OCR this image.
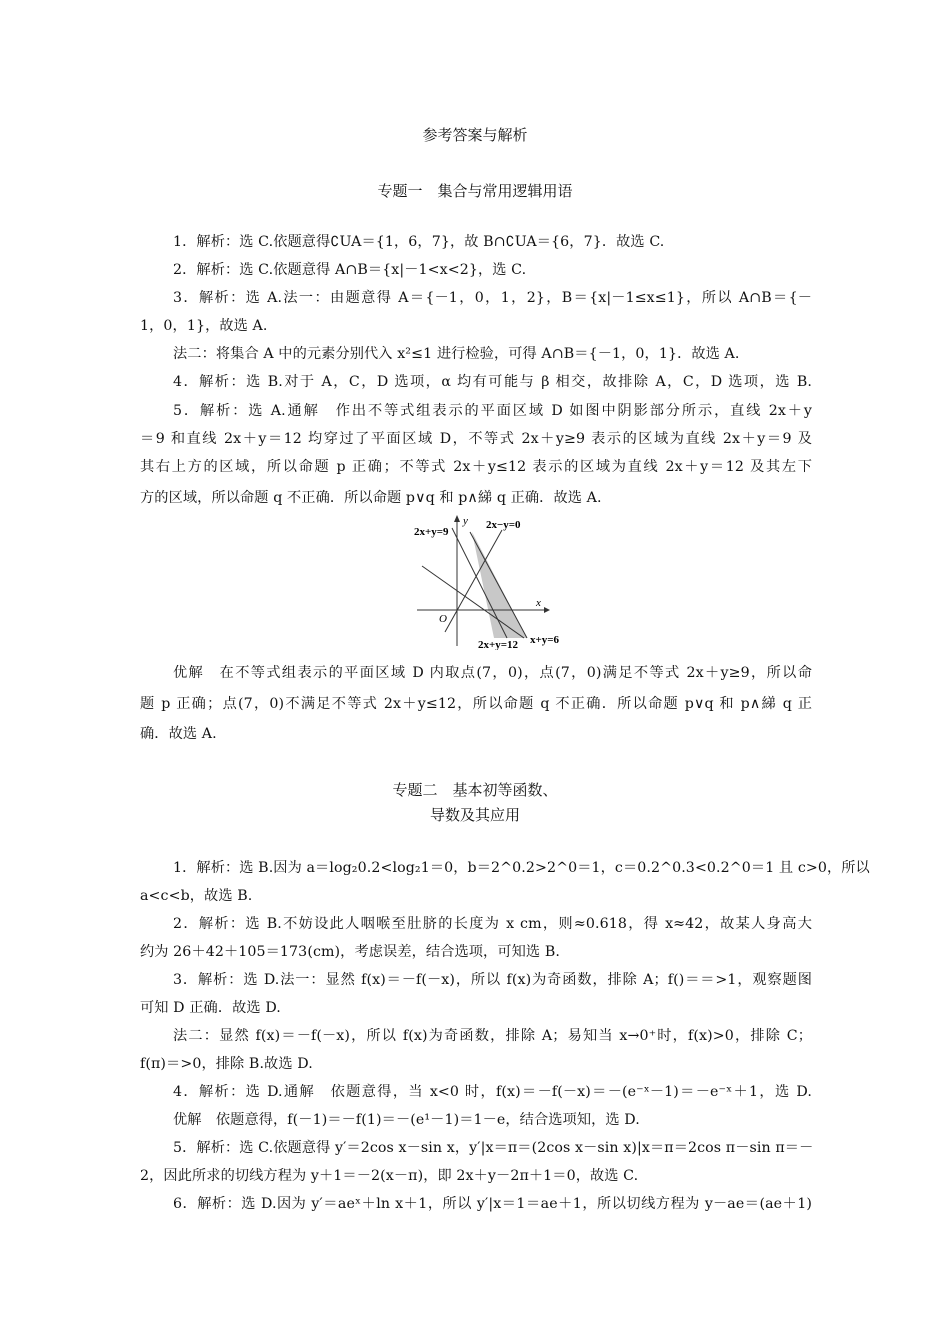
参考答案与解析
专题一　集合与常用逻辑用语
1．解析：选 C.依题意得∁UA＝{1，6，7}，故 B∩∁UA＝{6，7}．故选 C.
2．解析：选 C.依题意得 A∩B＝{x|－1<x<2}，选 C.
3．解析：选 A.法一：由题意得 A＝{－1，0，1，2}，B＝{x|－1≤x≤1}，所以 A∩B＝{－
1，0，1}，故选 A.
法二：将集合 A 中的元素分别代入 x²≤1 进行检验，可得 A∩B＝{－1，0，1}．故选 A.
4．解析：选 B.对于 A，C，D 选项，α 均有可能与 β 相交，故排除 A，C，D 选项，选 B.
5．解析：选 A.通解　作出不等式组表示的平面区域 D 如图中阴影部分所示，直线 2x＋y
＝9 和直线 2x＋y＝12 均穿过了平面区域 D，不等式 2x＋y≥9 表示的区域为直线 2x＋y＝9 及
其右上方的区域，所以命题 p 正确；不等式 2x＋y≤12 表示的区域为直线 2x＋y＝12 及其左下
方的区域，所以命题 q 不正确．所以命题 p∨q 和 p∧綈 q 正确．故选 A.
2x+y=9
y 2x−y=0
x
O
2x+y=12 x+y=6
优解　在不等式组表示的平面区域 D 内取点(7，0)，点(7，0)满足不等式 2x＋y≥9，所以命
题 p 正确；点(7，0)不满足不等式 2x＋y≤12，所以命题 q 不正确．所以命题 p∨q 和 p∧綈 q 正
确．故选 A.
专题二　基本初等函数、
导数及其应用
1．解析：选 B.因为 a＝log₂0.2<log₂1＝0，b＝2^0.2>2^0＝1，c＝0.2^0.3<0.2^0＝1 且 c>0，所以
a<c<b，故选 B.
2．解析：选 B.不妨设此人咽喉至肚脐的长度为 x cm，则≈0.618，得 x≈42，故某人身高大
约为 26＋42＋105＝173(cm)，考虑误差，结合选项，可知选 B.
3．解析：选 D.法一：显然 f(x)＝－f(－x)，所以 f(x)为奇函数，排除 A；f()＝＝>1，观察题图
可知 D 正确．故选 D.
法二：显然 f(x)＝－f(－x)，所以 f(x)为奇函数，排除 A；易知当 x→0⁺时，f(x)>0，排除 C；
f(π)＝>0，排除 B.故选 D.
4．解析：选 D.通解　依题意得，当 x<0 时，f(x)＝－f(－x)＝－(e⁻ˣ－1)＝－e⁻ˣ＋1，选 D.
优解　依题意得，f(－1)＝－f(1)＝－(e¹－1)＝1－e，结合选项知，选 D.
5．解析：选 C.依题意得 y′＝2cos x－sin x，y′|x＝π＝(2cos x－sin x)|x＝π＝2cos π－sin π＝－
2，因此所求的切线方程为 y＋1＝－2(x－π)，即 2x＋y－2π＋1＝0，故选 C.
6．解析：选 D.因为 y′＝aeˣ＋ln x＋1，所以 y′|x＝1＝ae＋1，所以切线方程为 y－ae＝(ae＋1)
